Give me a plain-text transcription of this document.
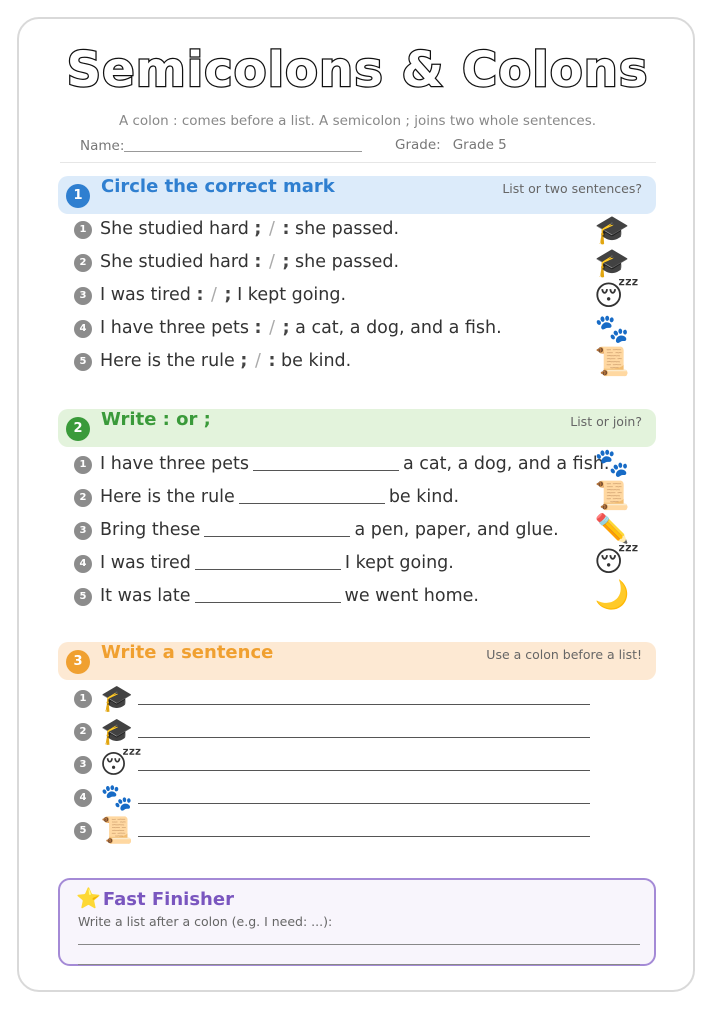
Semicolons & Colons
A colon : comes before a list. A semicolon ; joins two whole sentences.
Name:	Grade: Grade 5
1	Circle the correct mark	List or two sentences?
1 She studied hard ; / : she passed.	🎓
2 She studied hard : / ; she passed.	🎓
3 I was tired : / ; I kept going.	😴
4 I have three pets : / ; a cat, a dog, and a fish.	🐾
5 Here is the rule ; / : be kind.	📜
2	Write : or ;	List or join?
1 I have three pets	a cat, a dog, and a fish.
🐾
2 Here is the rule	be kind.	📜
3 Bring these	a pen, paper, and glue. ✏️
4 I was tired	I kept going.	😴
5 It was late	we went home.	🌙
3	Write a sentence	Use a colon before a list!
1 🎓
2 🎓
3 😴
4 🐾
5 📜
⭐ Fast Finisher
Write a list after a colon (e.g. I need: ...):
